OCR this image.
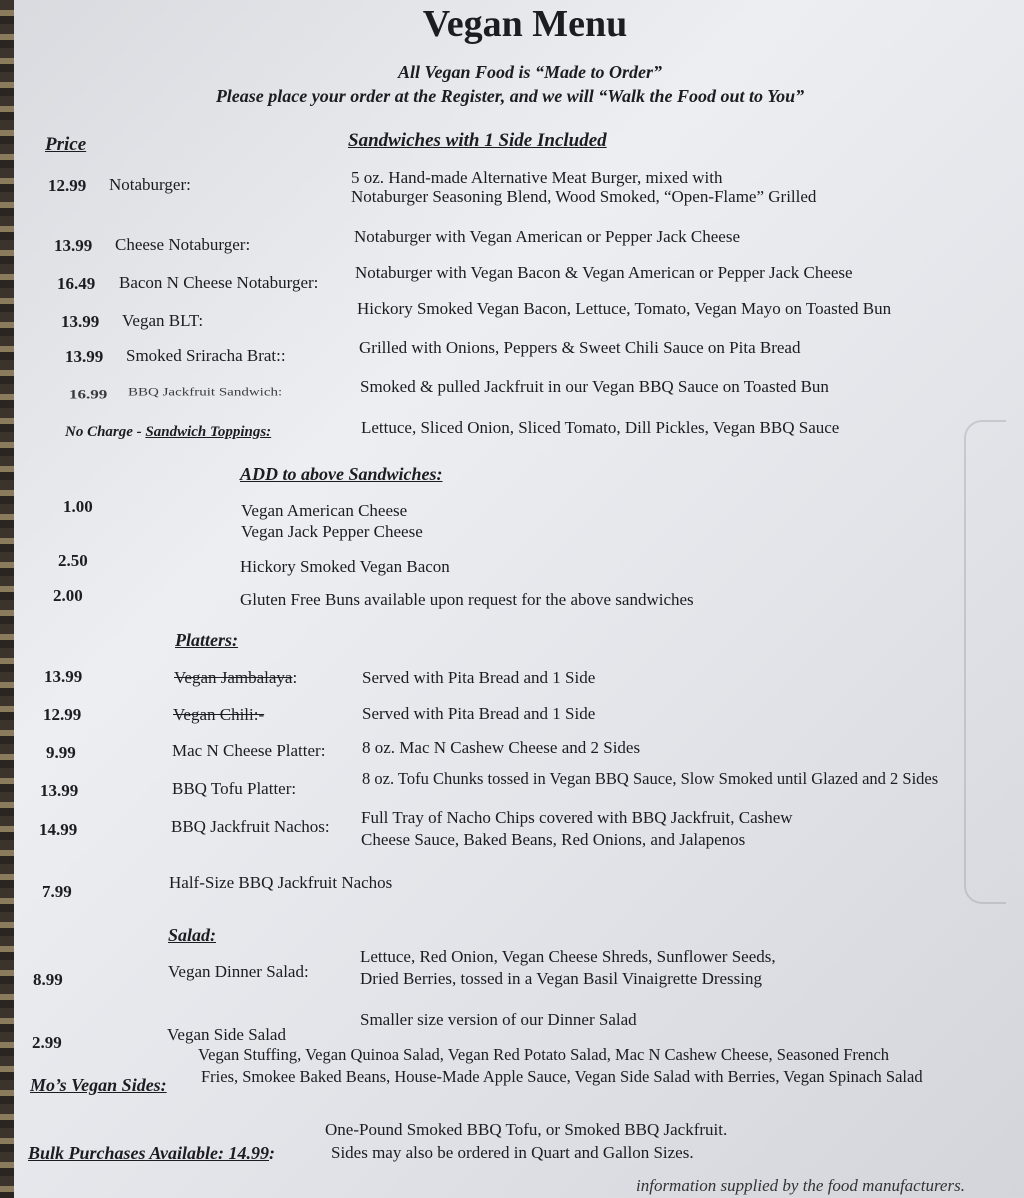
Vegan Menu
All Vegan Food is “Made to Order”
Please place your order at the Register, and we will “Walk the Food out to You”
Price	Sandwiches with 1 Side Included
12.99 Notaburger:	5 oz. Hand-made Alternative Meat Burger, mixed with
Notaburger Seasoning Blend, Wood Smoked, “Open-Flame” Grilled
13.99 Cheese Notaburger:	Notaburger with Vegan American or Pepper Jack Cheese
16.49 Bacon N Cheese Notaburger:
Notaburger with Vegan Bacon & Vegan American or Pepper Jack Cheese
13.99 Vegan BLT:
Hickory Smoked Vegan Bacon, Lettuce, Tomato, Vegan Mayo on Toasted Bun
13.99 Smoked Sriracha Brat::	Grilled with Onions, Peppers & Sweet Chili Sauce on Pita Bread
16.99 BBQ Jackfruit Sandwich:	Smoked & pulled Jackfruit in our Vegan BBQ Sauce on Toasted Bun
No Charge - Sandwich Toppings:	Lettuce, Sliced Onion, Sliced Tomato, Dill Pickles, Vegan BBQ Sauce
ADD to above Sandwiches:
1.00	Vegan American Cheese
Vegan Jack Pepper Cheese
2.50	Hickory Smoked Vegan Bacon
2.00	Gluten Free Buns available upon request for the above sandwiches
Platters:
13.99	Vegan Jambalaya:	Served with Pita Bread and 1 Side
12.99	Vegan Chili:-	Served with Pita Bread and 1 Side
9.99	Mac N Cheese Platter: 8 oz. Mac N Cashew Cheese and 2 Sides
13.99	BBQ Tofu Platter:
8 oz. Tofu Chunks tossed in Vegan BBQ Sauce, Slow Smoked until Glazed and 2 Sides
14.99	BBQ Jackfruit Nachos: Full Tray of Nacho Chips covered with BBQ Jackfruit, Cashew
Cheese Sauce, Baked Beans, Red Onions, and Jalapenos
7.99	Half-Size BBQ Jackfruit Nachos
Salad:
8.99	Vegan Dinner Salad:
Lettuce, Red Onion, Vegan Cheese Shreds, Sunflower Seeds,
Dried Berries, tossed in a Vegan Basil Vinaigrette Dressing
2.99	Vegan Side Salad
Smaller size version of our Dinner Salad
Mo’s Vegan Sides:
Vegan Stuffing, Vegan Quinoa Salad, Vegan Red Potato Salad, Mac N Cashew Cheese, Seasoned French
Fries, Smokee Baked Beans, House-Made Apple Sauce, Vegan Side Salad with Berries, Vegan Spinach Salad
Bulk Purchases Available: 14.99:
One-Pound Smoked BBQ Tofu, or Smoked BBQ Jackfruit.
Sides may also be ordered in Quart and Gallon Sizes.
information supplied by the food manufacturers.
